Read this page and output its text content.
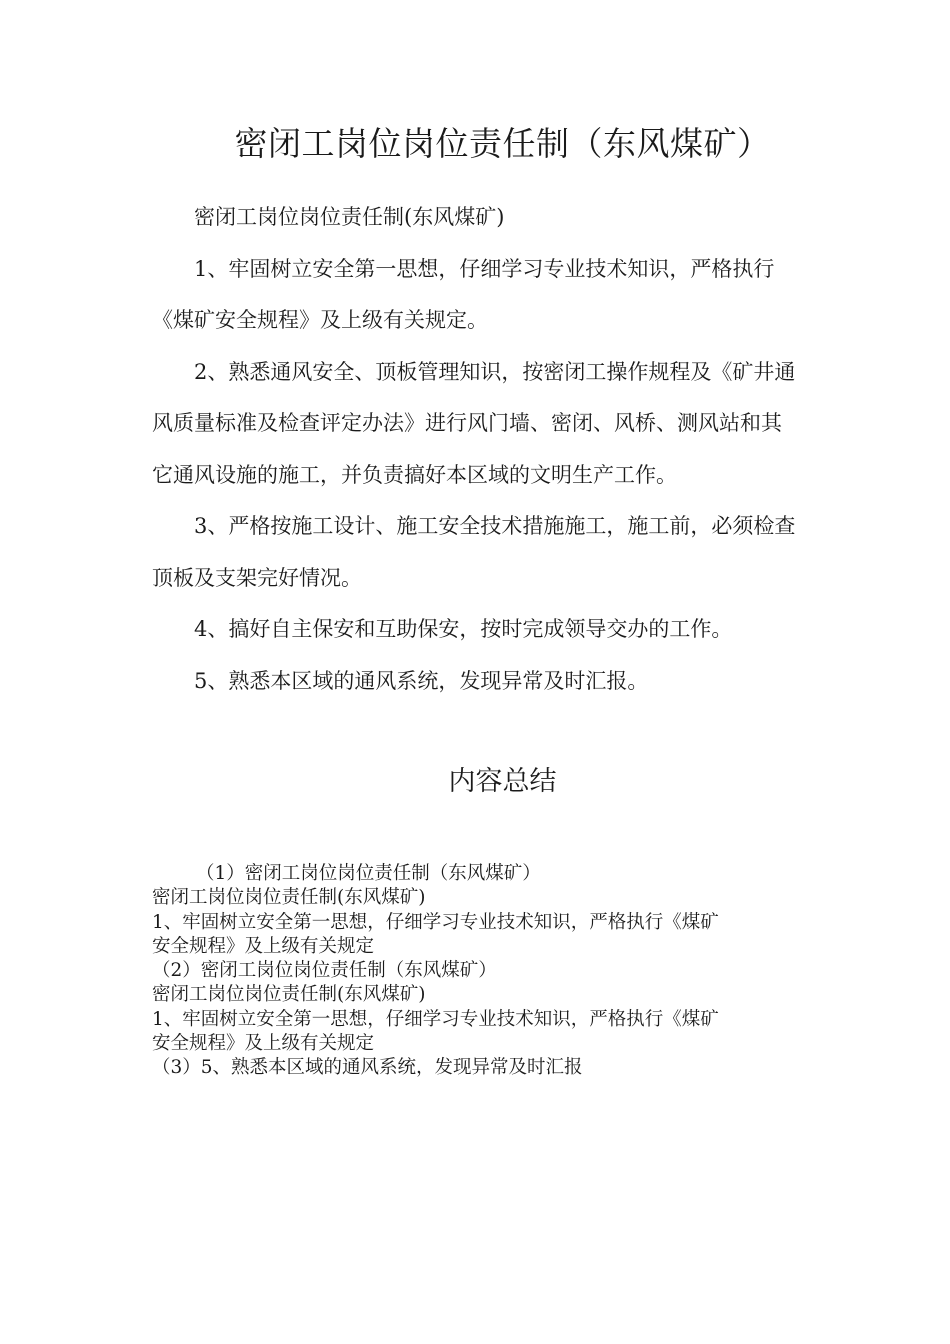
密闭工岗位岗位责任制（东风煤矿）

密闭工岗位岗位责任制(东风煤矿)

1、牢固树立安全第一思想，仔细学习专业技术知识，严格执行《煤矿安全规程》及上级有关规定。

2、熟悉通风安全、顶板管理知识，按密闭工操作规程及《矿井通风质量标准及检查评定办法》进行风门墙、密闭、风桥、测风站和其它通风设施的施工，并负责搞好本区域的文明生产工作。

3、严格按施工设计、施工安全技术措施施工，施工前，必须检查顶板及支架完好情况。

4、搞好自主保安和互助保安，按时完成领导交办的工作。

5、熟悉本区域的通风系统，发现异常及时汇报。

内容总结

（1）密闭工岗位岗位责任制（东风煤矿）

密闭工岗位岗位责任制(东风煤矿)

1、牢固树立安全第一思想，仔细学习专业技术知识，严格执行《煤矿

安全规程》及上级有关规定

（2）密闭工岗位岗位责任制（东风煤矿）

密闭工岗位岗位责任制(东风煤矿)

1、牢固树立安全第一思想，仔细学习专业技术知识，严格执行《煤矿

安全规程》及上级有关规定

（3）5、熟悉本区域的通风系统，发现异常及时汇报
